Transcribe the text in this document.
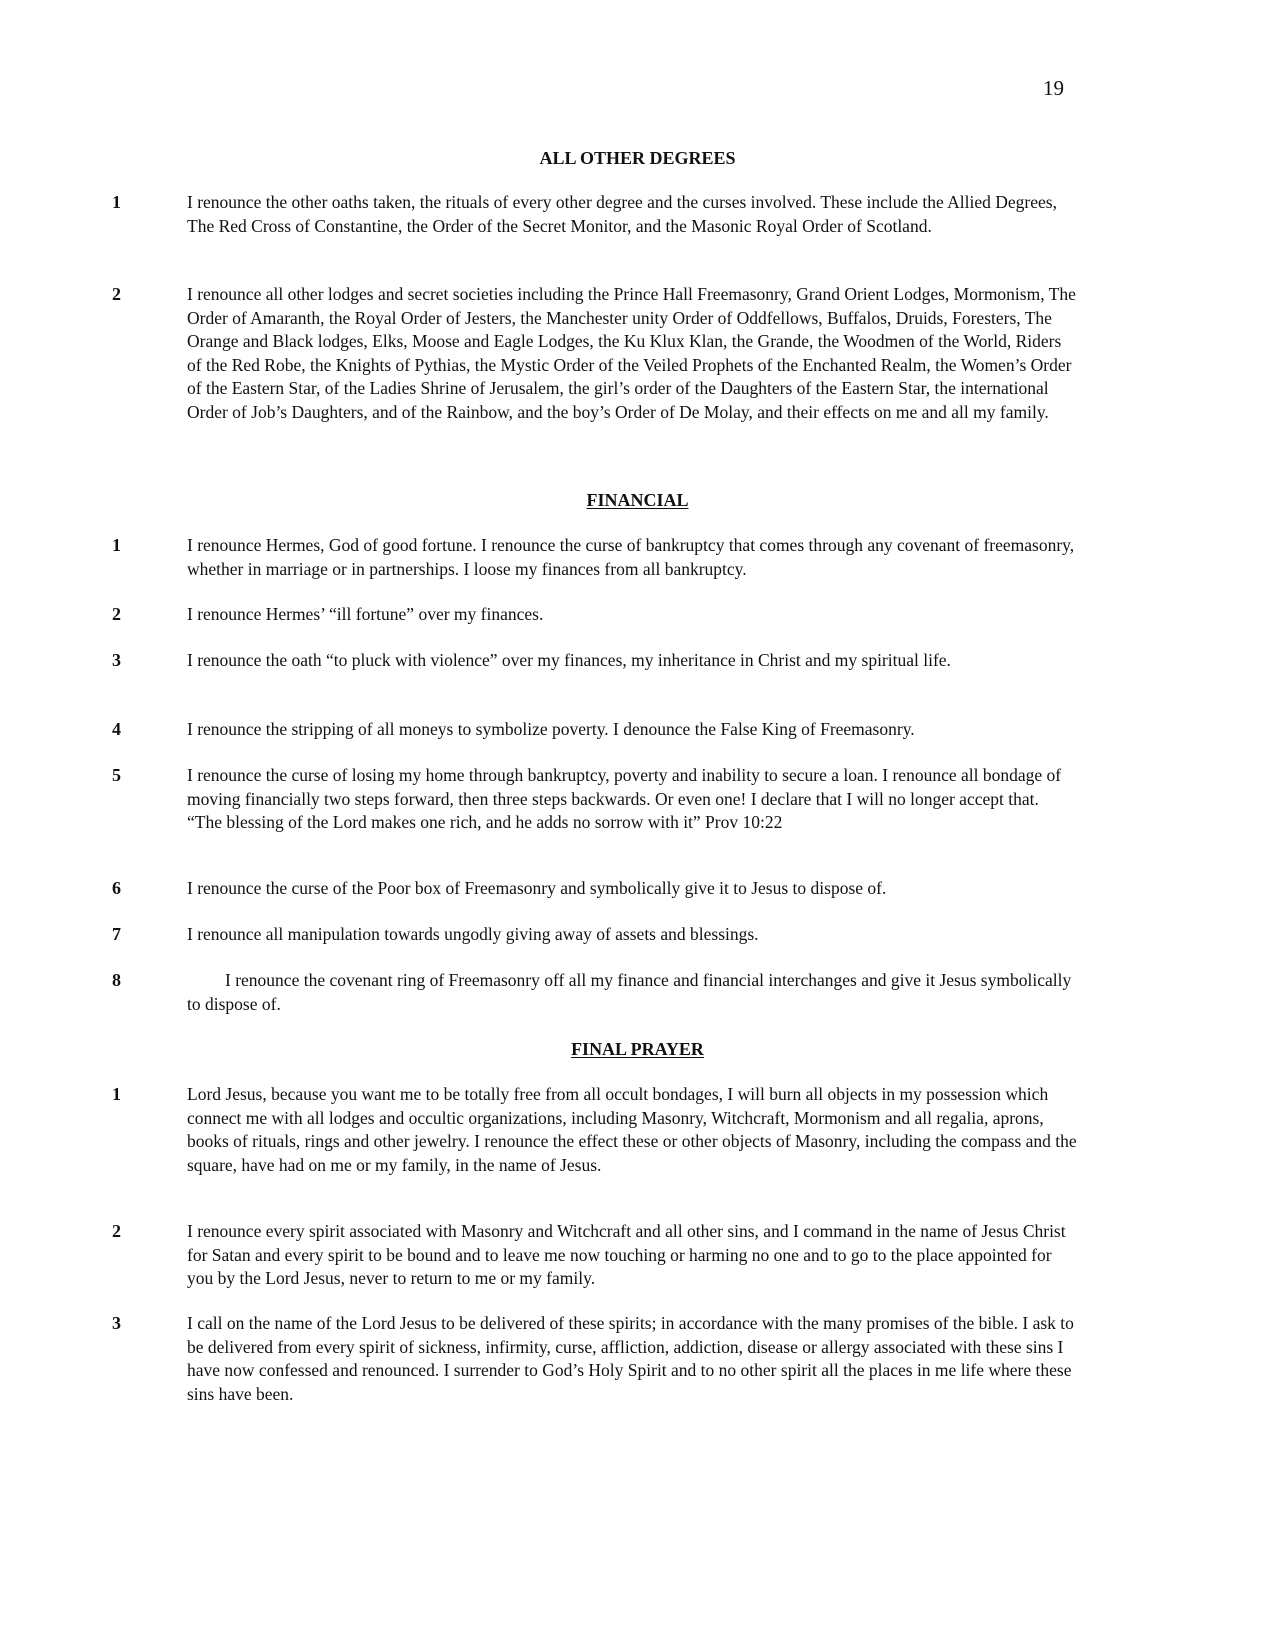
19
ALL OTHER DEGREES
1	I renounce the other oaths taken, the rituals of every other degree and the curses involved. These include the Allied Degrees, The Red Cross of Constantine, the Order of the Secret Monitor, and the Masonic Royal Order of Scotland.
2	I renounce all other lodges and secret societies including the Prince Hall Freemasonry, Grand Orient Lodges, Mormonism, The Order of Amaranth, the Royal Order of Jesters, the Manchester unity Order of Oddfellows, Buffalos, Druids, Foresters, The Orange and Black lodges, Elks, Moose and Eagle Lodges, the Ku Klux Klan, the Grande, the Woodmen of the World, Riders of the Red Robe, the Knights of Pythias, the Mystic Order of the Veiled Prophets of the Enchanted Realm, the Women’s Order of the Eastern Star, of the Ladies Shrine of Jerusalem, the girl’s order of the Daughters of the Eastern Star, the international Order of Job’s Daughters, and of the Rainbow, and the boy’s Order of De Molay, and their effects on me and all my family.
FINANCIAL
1	I renounce Hermes, God of good fortune. I renounce the curse of bankruptcy that comes through any covenant of freemasonry, whether in marriage or in partnerships. I loose my finances from all bankruptcy.
2	I renounce Hermes’ “ill fortune” over my finances.
3	I renounce the oath “to pluck with violence” over my finances, my inheritance in Christ and my spiritual life.
4	I renounce the stripping of all moneys to symbolize poverty. I denounce the False King of Freemasonry.
5	I renounce the curse of losing my home through bankruptcy, poverty and inability to secure a loan. I renounce all bondage of moving financially two steps forward, then three steps backwards. Or even one! I declare that I will no longer accept that. “The blessing of the Lord makes one rich, and he adds no sorrow with it” Prov 10:22
6	I renounce the curse of the Poor box of Freemasonry and symbolically give it to Jesus to dispose of.
7	I renounce all manipulation towards ungodly giving away of assets and blessings.
8	I renounce the covenant ring of Freemasonry off all my finance and financial interchanges and give it Jesus symbolically to dispose of.
FINAL PRAYER
1	Lord Jesus, because you want me to be totally free from all occult bondages, I will burn all objects in my possession which connect me with all lodges and occultic organizations, including Masonry, Witchcraft, Mormonism and all regalia, aprons, books of rituals, rings and other jewelry. I renounce the effect these or other objects of Masonry, including the compass and the square, have had on me or my family, in the name of Jesus.
2	I renounce every spirit associated with Masonry and Witchcraft and all other sins, and I command in the name of Jesus Christ for Satan and every spirit to be bound and to leave me now touching or harming no one and to go to the place appointed for you by the Lord Jesus, never to return to me or my family.
3	I call on the name of the Lord Jesus to be delivered of these spirits; in accordance with the many promises of the bible. I ask to be delivered from every spirit of sickness, infirmity, curse, affliction, addiction, disease or allergy associated with these sins I have now confessed and renounced. I surrender to God’s Holy Spirit and to no other spirit all the places in me life where these sins have been.
